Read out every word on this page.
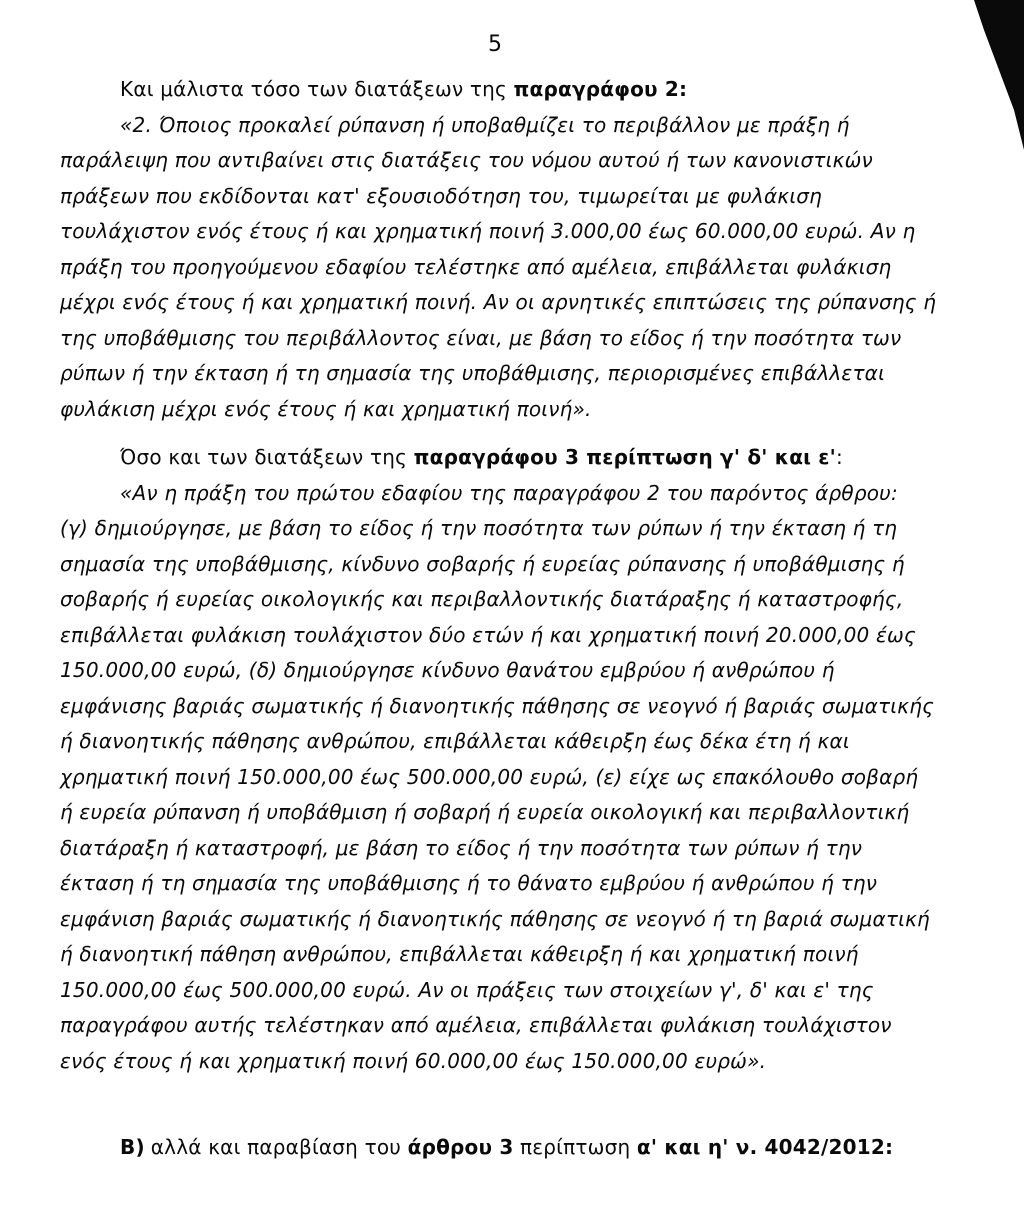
5
Και μάλιστα τόσο των διατάξεων της παραγράφου 2:
«2. Όποιος προκαλεί ρύπανση ή υποβαθμίζει το περιβάλλον με πράξη ή
παράλειψη που αντιβαίνει στις διατάξεις του νόμου αυτού ή των κανονιστικών
πράξεων που εκδίδονται κατ' εξουσιοδότηση του, τιμωρείται με φυλάκιση
τουλάχιστον ενός έτους ή και χρηματική ποινή 3.000,00 έως 60.000,00 ευρώ. Αν η
πράξη του προηγούμενου εδαφίου τελέστηκε από αμέλεια, επιβάλλεται φυλάκιση
μέχρι ενός έτους ή και χρηματική ποινή. Αν οι αρνητικές επιπτώσεις της ρύπανσης ή
της υποβάθμισης του περιβάλλοντος είναι, με βάση το είδος ή την ποσότητα των
ρύπων ή την έκταση ή τη σημασία της υποβάθμισης, περιορισμένες επιβάλλεται
φυλάκιση μέχρι ενός έτους ή και χρηματική ποινή».
Όσο και των διατάξεων της παραγράφου 3 περίπτωση γ' δ' και ε':
«Αν η πράξη του πρώτου εδαφίου της παραγράφου 2 του παρόντος άρθρου:
(γ) δημιούργησε, με βάση το είδος ή την ποσότητα των ρύπων ή την έκταση ή τη
σημασία της υποβάθμισης, κίνδυνο σοβαρής ή ευρείας ρύπανσης ή υποβάθμισης ή
σοβαρής ή ευρείας οικολογικής και περιβαλλοντικής διατάραξης ή καταστροφής,
επιβάλλεται φυλάκιση τουλάχιστον δύο ετών ή και χρηματική ποινή 20.000,00 έως
150.000,00 ευρώ, (δ) δημιούργησε κίνδυνο θανάτου εμβρύου ή ανθρώπου ή
εμφάνισης βαριάς σωματικής ή διανοητικής πάθησης σε νεογνό ή βαριάς σωματικής
ή διανοητικής πάθησης ανθρώπου, επιβάλλεται κάθειρξη έως δέκα έτη ή και
χρηματική ποινή 150.000,00 έως 500.000,00 ευρώ, (ε) είχε ως επακόλουθο σοβαρή
ή ευρεία ρύπανση ή υποβάθμιση ή σοβαρή ή ευρεία οικολογική και περιβαλλοντική
διατάραξη ή καταστροφή, με βάση το είδος ή την ποσότητα των ρύπων ή την
έκταση ή τη σημασία της υποβάθμισης ή το θάνατο εμβρύου ή ανθρώπου ή την
εμφάνιση βαριάς σωματικής ή διανοητικής πάθησης σε νεογνό ή τη βαριά σωματική
ή διανοητική πάθηση ανθρώπου, επιβάλλεται κάθειρξη ή και χρηματική ποινή
150.000,00 έως 500.000,00 ευρώ. Αν οι πράξεις των στοιχείων γ', δ' και ε' της
παραγράφου αυτής τελέστηκαν από αμέλεια, επιβάλλεται φυλάκιση τουλάχιστον
ενός έτους ή και χρηματική ποινή 60.000,00 έως 150.000,00 ευρώ».
Β) αλλά και παραβίαση του άρθρου 3 περίπτωση α' και η' ν. 4042/2012:
